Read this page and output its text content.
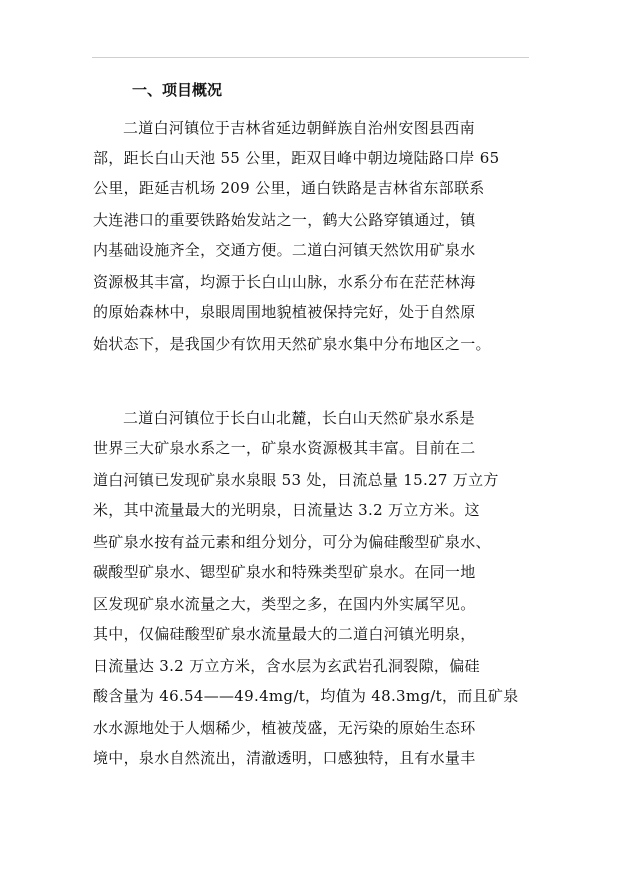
一、项目概况
二道白河镇位于吉林省延边朝鲜族自治州安图县西南
部，距长白山天池 55 公里，距双目峰中朝边境陆路口岸 65
公里，距延吉机场 209 公里，通白铁路是吉林省东部联系
大连港口的重要铁路始发站之一，鹤大公路穿镇通过，镇
内基础设施齐全，交通方便。二道白河镇天然饮用矿泉水
资源极其丰富，均源于长白山山脉，水系分布在茫茫林海
的原始森林中，泉眼周围地貌植被保持完好，处于自然原
始状态下，是我国少有饮用天然矿泉水集中分布地区之一。
二道白河镇位于长白山北麓，长白山天然矿泉水系是
世界三大矿泉水系之一，矿泉水资源极其丰富。目前在二
道白河镇已发现矿泉水泉眼 53 处，日流总量 15.27 万立方
米，其中流量最大的光明泉，日流量达 3.2 万立方米。这
些矿泉水按有益元素和组分划分，可分为偏硅酸型矿泉水、
碳酸型矿泉水、锶型矿泉水和特殊类型矿泉水。在同一地
区发现矿泉水流量之大，类型之多，在国内外实属罕见。
其中，仅偏硅酸型矿泉水流量最大的二道白河镇光明泉，
日流量达 3.2 万立方米，含水层为玄武岩孔洞裂隙，偏硅
酸含量为 46.54——49.4mg/t，均值为 48.3mg/t，而且矿泉
水水源地处于人烟稀少，植被茂盛，无污染的原始生态环
境中，泉水自然流出，清澈透明，口感独特，且有水量丰
